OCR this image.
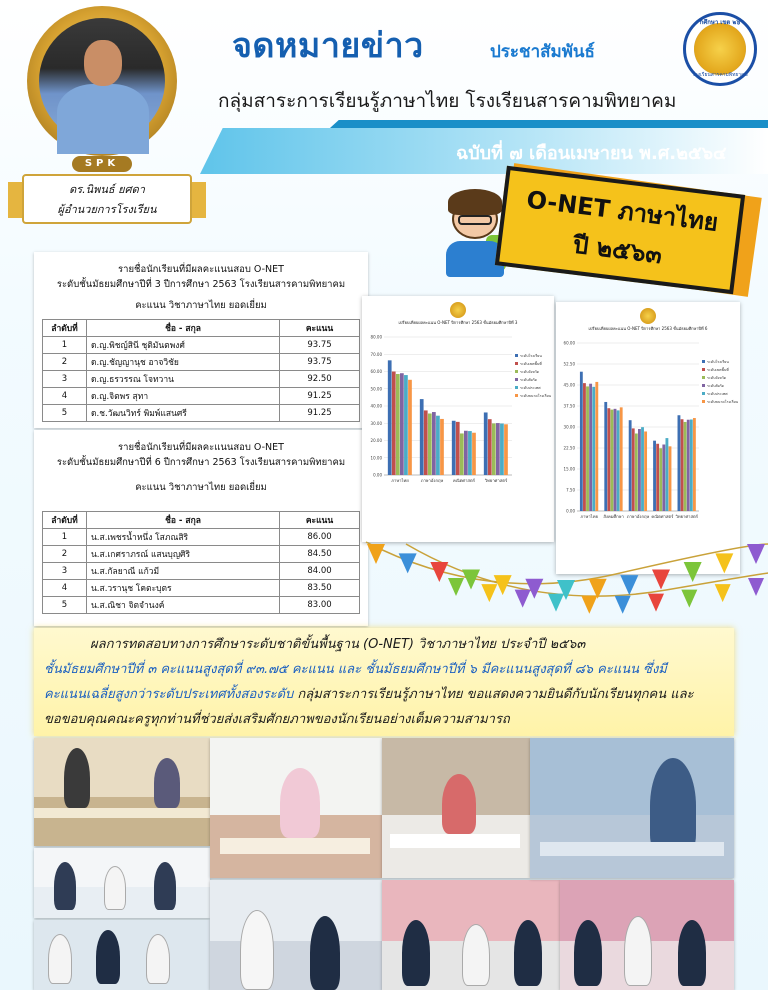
จดหมายข่าว	ประชาสัมพันธ์
กลุ่มสาระการเรียนรู้ภาษาไทย โรงเรียนสารคามพิทยาคม
ฉบับที่ ๗ เดือนเมษายน พ.ศ.๒๕๖๔
กศึกษา เขต ๒๖
โรงเรียนสารคามพิทยาคม
SPK
ดร.นิพนธ์ ยศดา
ผู้อำนวยการโรงเรียน	O-NET ภาษาไทย
ปี ๒๕๖๓
รายชื่อนักเรียนที่มีผลคะแนนสอบ O-NET
ระดับชั้นมัธยมศึกษาปีที่ 3 ปีการศึกษา 2563 โรงเรียนสารคามพิทยาคม
คะแนน วิชาภาษาไทย ยอดเยี่ยม
ลำดับที่	ชื่อ - สกุล	คะแนน
1	ด.ญ.พิชญ์สินี ชุติมันตพงศ์	93.75
2	ด.ญ.ชัญญานุช อาจวิชัย	93.75
3	ด.ญ.ธรวรรณ โจทวาน	92.50
4	ด.ญ.จิตพร สุทา	91.25
5	ด.ช.วัฒนวิทร์ พิมพ์แสนศรี	91.25
รายชื่อนักเรียนที่มีผลคะแนนสอบ O-NET
ระดับชั้นมัธยมศึกษาปีที่ 6 ปีการศึกษา 2563 โรงเรียนสารคามพิทยาคม
คะแนน วิชาภาษาไทย ยอดเยี่ยม
ลำดับที่	ชื่อ - สกุล	คะแนน
1	น.ส.เพชรน้ำหนึ่ง โสภณสิริ	86.00
2	น.ส.เกศราภรณ์ แสนบุญศิริ	84.50
3	น.ส.กัลยาณี แก้วมี	84.00
4	น.ส.วรานุช โคตะบุตร	83.50
5	น.ส.ณิชา จิตจำนงค์	83.00
เปรียบเทียบผลคะแนน O-NET ปีการศึกษา 2563 ชั้นมัธยมศึกษาปีที่ 3
0.00
10.00
20.00
30.00
40.00
50.00
60.00
70.00
80.00
ภาษาไทย	ภาษาอังกฤษ คณิตศาสตร์ วิทยาศาสตร์
ระดับโรงเรียน
ระดับเขตพื้นที่
ระดับจังหวัด
ระดับสังกัด
ระดับประเทศ
ระดับขนาดโรงเรียน
เปรียบเทียบผลคะแนน O-NET ปีการศึกษา 2563 ชั้นมัธยมศึกษาปีที่ 6
0.00
7.50
15.00
22.50
30.00
37.50
45.00
52.50
60.00
ภาษาไทย สังคมศึกษา ภาษาอังกฤษ คณิตศาสตร์ วิทยาศาสตร์
ระดับโรงเรียน
ระดับเขตพื้นที่
ระดับจังหวัด
ระดับสังกัด
ระดับประเทศ
ระดับขนาดโรงเรียน
ผลการทดสอบทางการศึกษาระดับชาติขั้นพื้นฐาน (O-NET) วิชาภาษาไทย ประจำปี ๒๕๖๓
ชั้นมัธยมศึกษาปีที่ ๓ คะแนนสูงสุดที่ ๙๓.๗๕ คะแนน และ ชั้นมัธยมศึกษาปีที่ ๖ มีคะแนนสูงสุดที่ ๘๖ คะแนน ซึ่งมี
คะแนนเฉลี่ยสูงกว่าระดับประเทศทั้งสองระดับ กลุ่มสาระการเรียนรู้ภาษาไทย ขอแสดงความยินดีกับนักเรียนทุกคน และ
ขอขอบคุณคณะครูทุกท่านที่ช่วยส่งเสริมศักยภาพของนักเรียนอย่างเต็มความสามารถ
